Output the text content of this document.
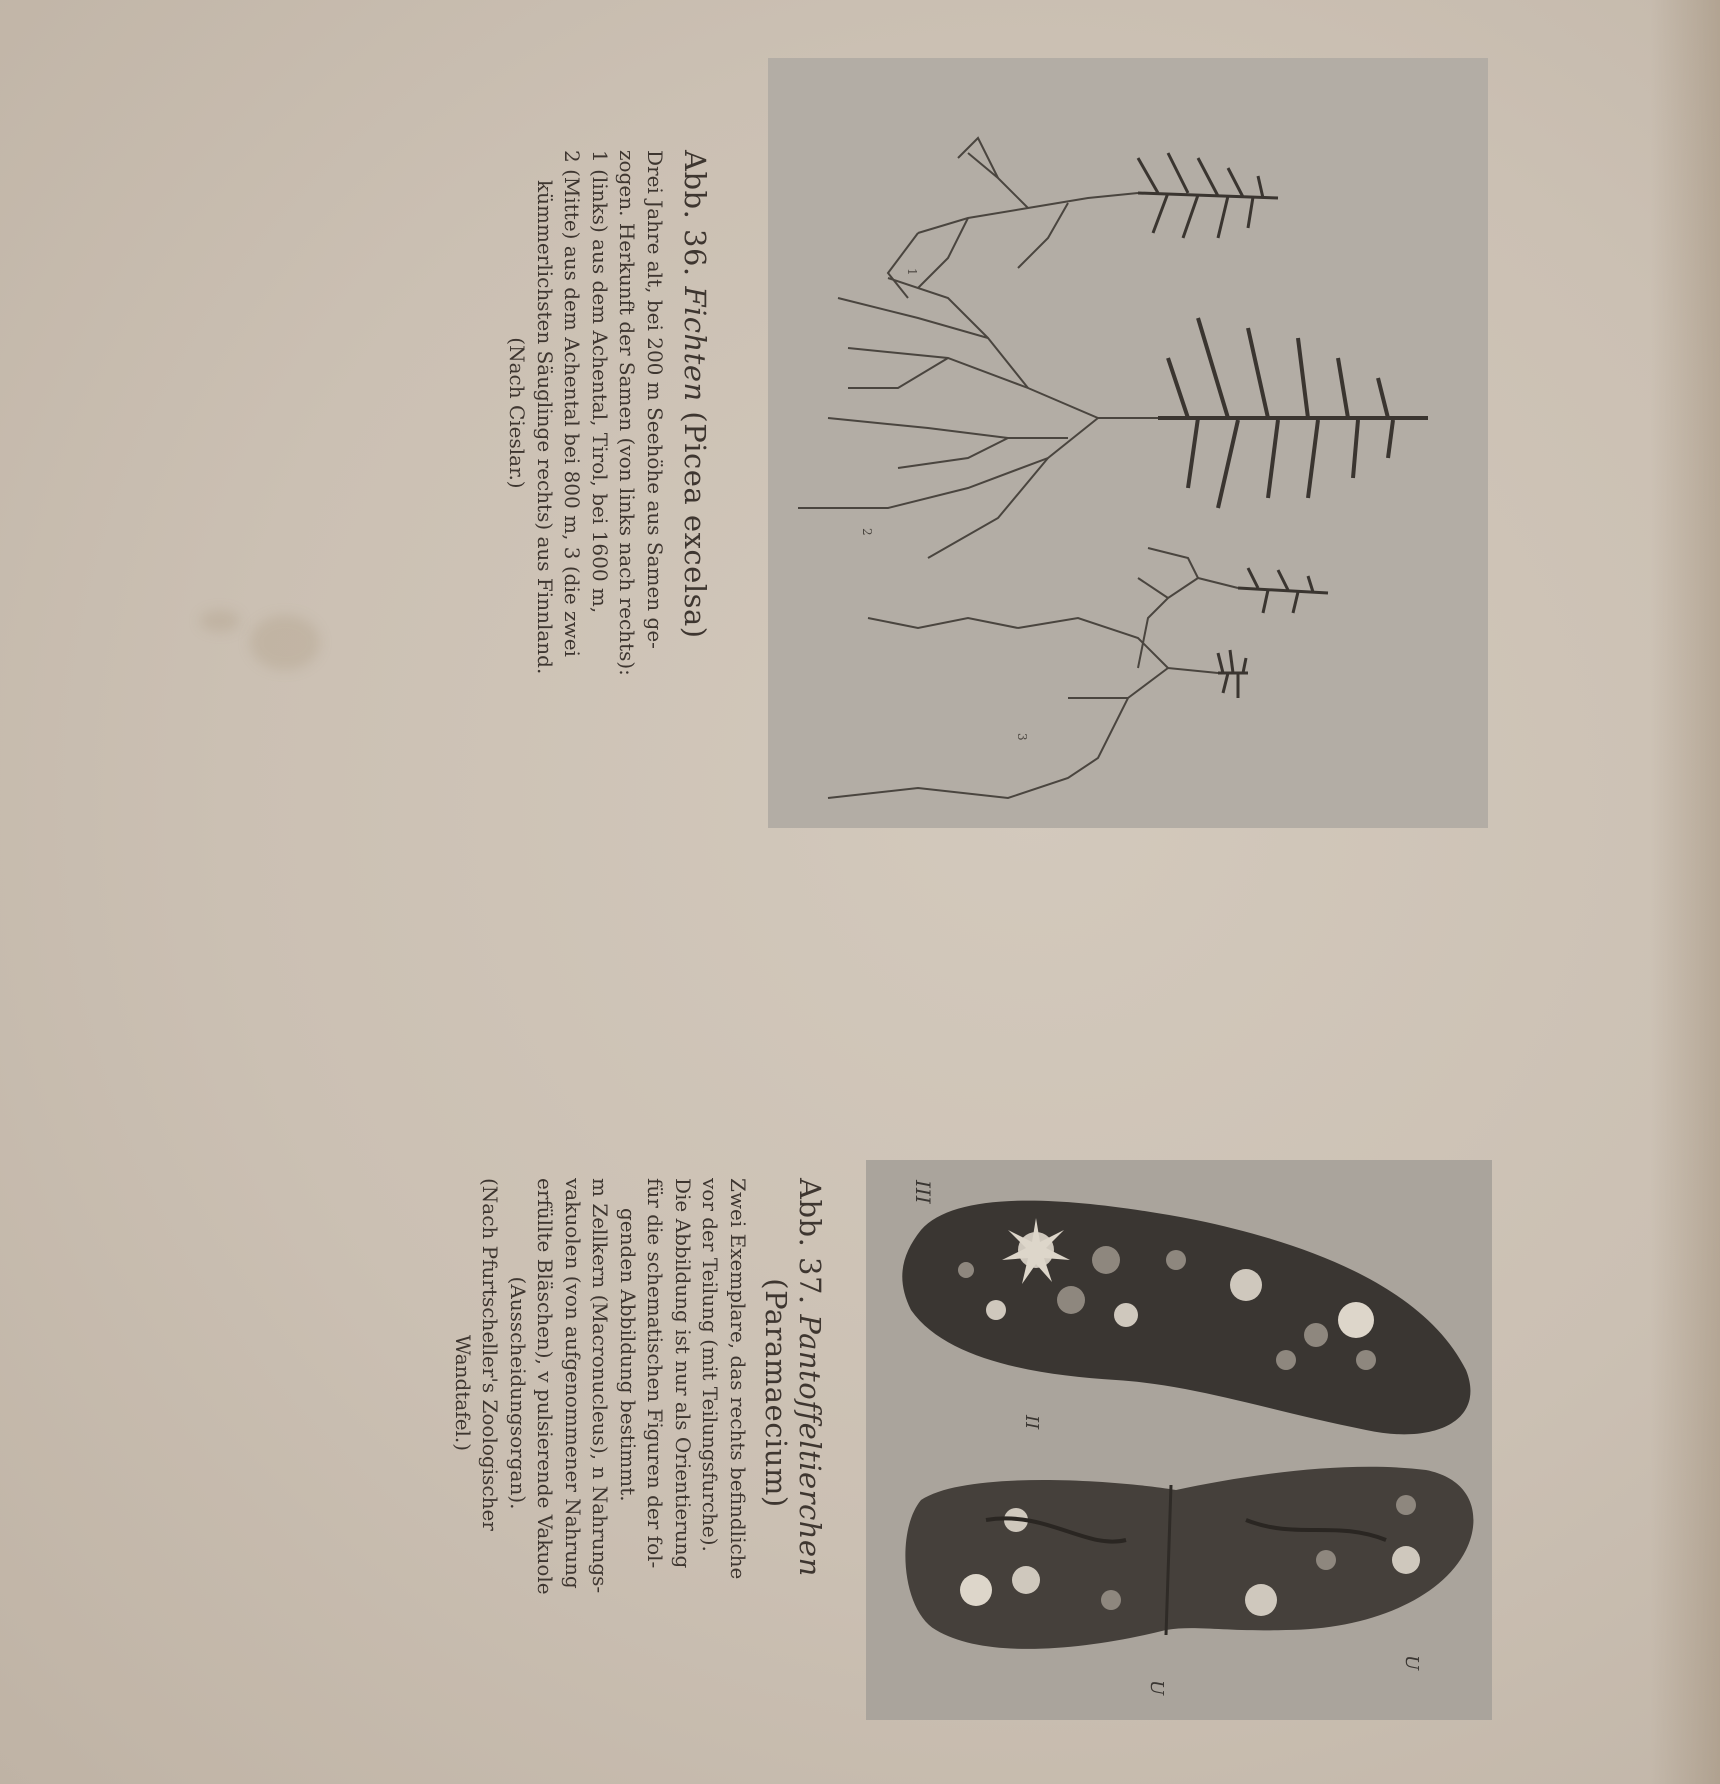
1
2
3
III
II
U
U
Abb. 36. Fichten (Picea excelsa)
Drei Jahre alt, bei 200 m Seehöhe aus Samen ge-
zogen. Herkunft der Samen (von links nach rechts):
1 (links) aus dem Achental, Tirol, bei 1600 m,
2 (Mitte) aus dem Achental bei 800 m, 3 (die zwei
kümmerlichsten Säuglinge rechts) aus Finnland.
(Nach Cieslar.)
Abb. 37. Pantoffeltierchen
(Paramaecium)
Zwei Exemplare, das rechts befindliche
vor der Teilung (mit Teilungsfurche).
Die Abbildung ist nur als Orientierung
für die schematischen Figuren der fol-
genden Abbildung bestimmt.
m Zellkern (Macronucleus), n Nahrungs-
vakuolen (von aufgenommener Nahrung
erfüllte Bläschen), v pulsierende Vakuole
(Ausscheidungsorgan).
(Nach Pfurtscheller's Zoologischer
Wandtafel.)
